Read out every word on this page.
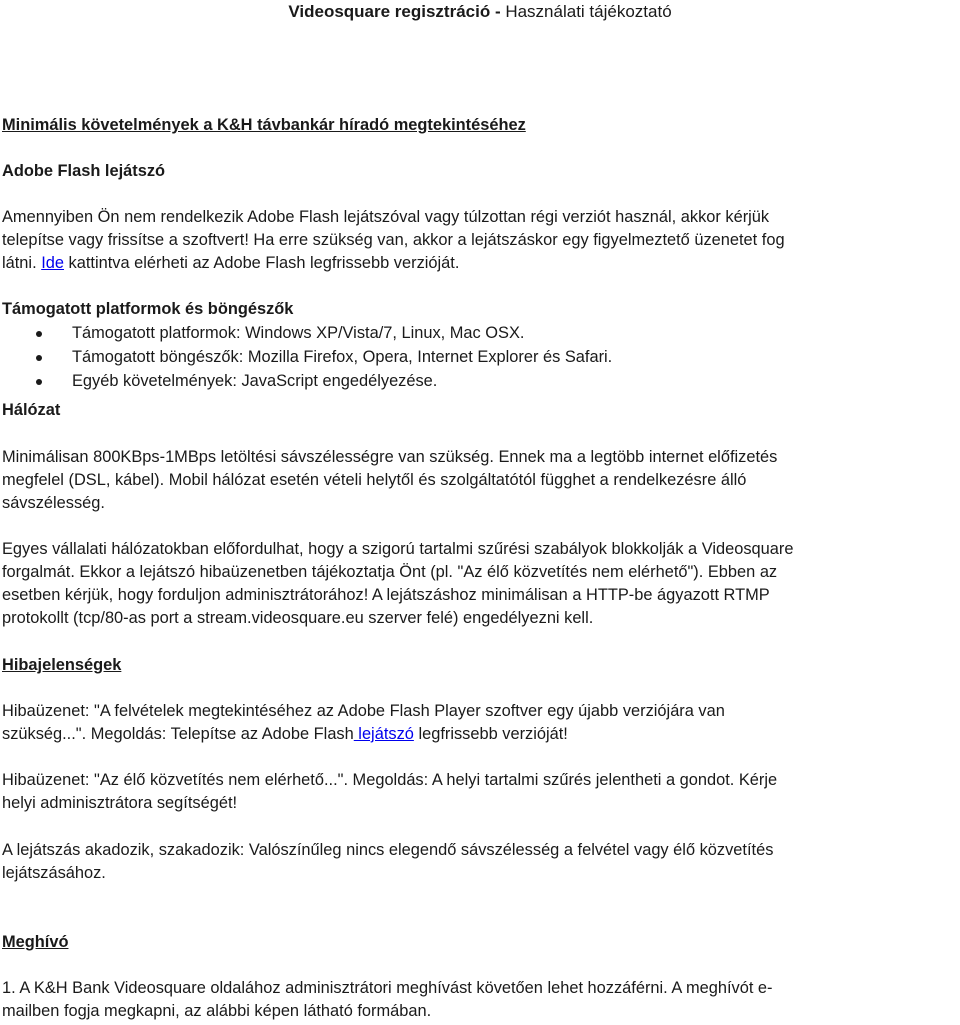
Videosquare regisztráció - Használati tájékoztató

Minimális követelmények a K&H távbankár híradó megtekintéséhez

Adobe Flash lejátszó

Amennyiben Ön nem rendelkezik Adobe Flash lejátszóval vagy túlzottan régi verziót használ, akkor kérjük

telepítse vagy frissítse a szoftvert! Ha erre szükség van, akkor a lejátszáskor egy figyelmeztető üzenetet fog

látni. Ide kattintva elérheti az Adobe Flash legfrissebb verzióját.

Támogatott platformok és böngészők

Támogatott platformok: Windows XP/Vista/7, Linux, Mac OSX.

Támogatott böngészők: Mozilla Firefox, Opera, Internet Explorer és Safari.

Egyéb követelmények: JavaScript engedélyezése.

Hálózat

Minimálisan 800KBps-1MBps letöltési sávszélességre van szükség. Ennek ma a legtöbb internet előfizetés

megfelel (DSL, kábel). Mobil hálózat esetén vételi helytől és szolgáltatótól függhet a rendelkezésre álló

sávszélesség.

Egyes vállalati hálózatokban előfordulhat, hogy a szigorú tartalmi szűrési szabályok blokkolják a Videosquare

forgalmát. Ekkor a lejátszó hibaüzenetben tájékoztatja Önt (pl. "Az élő közvetítés nem elérhető"). Ebben az

esetben kérjük, hogy forduljon adminisztrátorához! A lejátszáshoz minimálisan a HTTP-be ágyazott RTMP

protokollt (tcp/80-as port a stream.videosquare.eu szerver felé) engedélyezni kell.

Hibajelenségek

Hibaüzenet: "A felvételek megtekintéséhez az Adobe Flash Player szoftver egy újabb verziójára van

szükség...". Megoldás: Telepítse az Adobe Flash lejátszó legfrissebb verzióját!

Hibaüzenet: "Az élő közvetítés nem elérhető...". Megoldás: A helyi tartalmi szűrés jelentheti a gondot. Kérje

helyi adminisztrátora segítségét!

A lejátszás akadozik, szakadozik: Valószínűleg nincs elegendő sávszélesség a felvétel vagy élő közvetítés

lejátszásához.

Meghívó

1. A K&H Bank Videosquare oldalához adminisztrátori meghívást követően lehet hozzáférni. A meghívót e-

mailben fogja megkapni, az alábbi képen látható formában.
